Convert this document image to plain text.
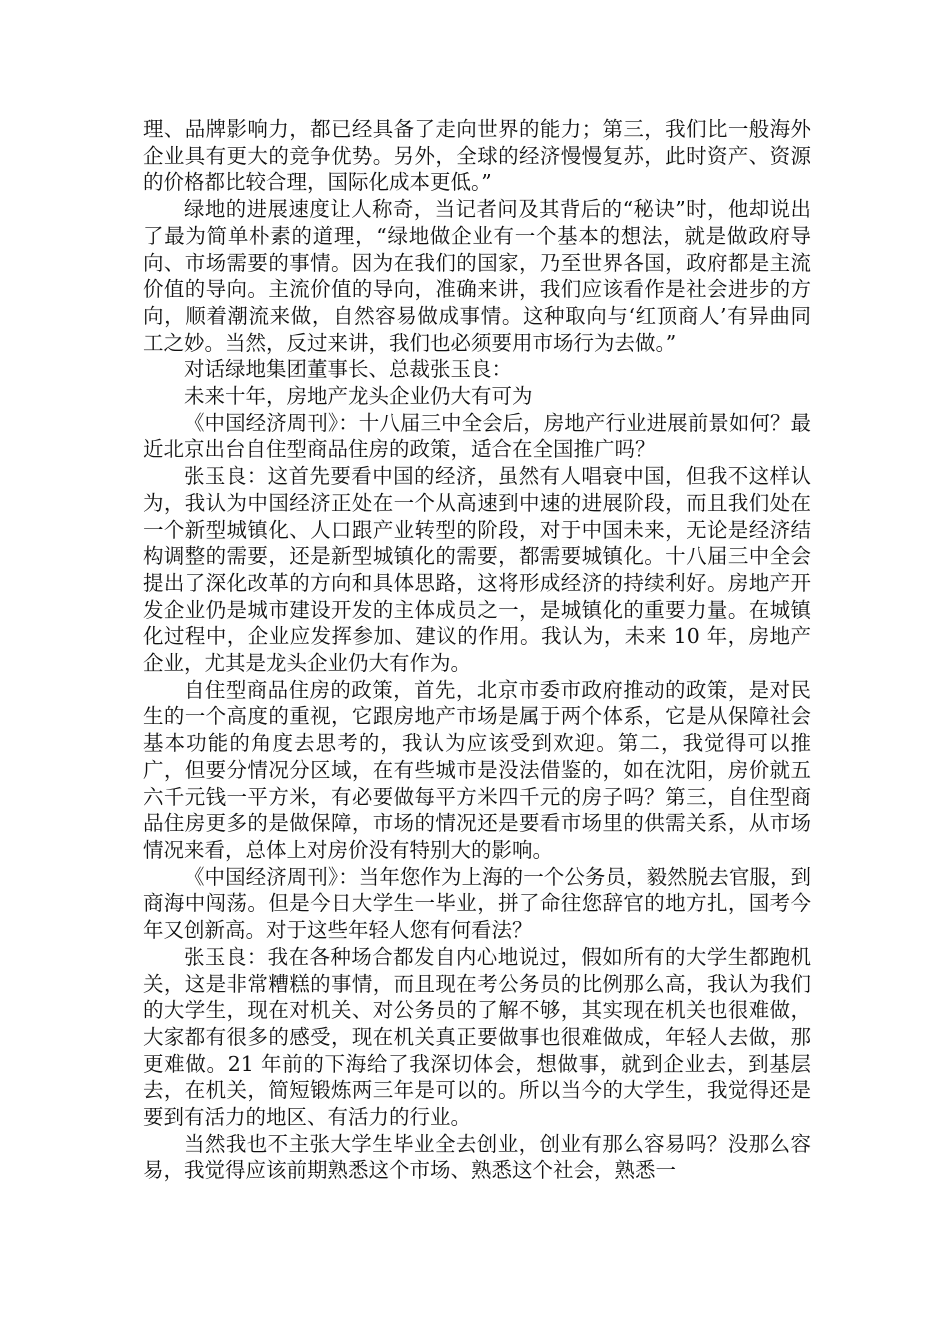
理、品牌影响力，都已经具备了走向世界的能力；第三，我们比一般海外企业具有更大的竞争优势。另外，全球的经济慢慢复苏，此时资产、资源的价格都比较合理，国际化成本更低。”

绿地的进展速度让人称奇，当记者问及其背后的“秘诀”时，他却说出了最为简单朴素的道理，“绿地做企业有一个基本的想法，就是做政府导向、市场需要的事情。因为在我们的国家，乃至世界各国，政府都是主流价值的导向。主流价值的导向，准确来讲，我们应该看作是社会进步的方向，顺着潮流来做，自然容易做成事情。这种取向与‘红顶商人’有异曲同工之妙。当然，反过来讲，我们也必须要用市场行为去做。”

对话绿地集团董事长、总裁张玉良：

未来十年，房地产龙头企业仍大有可为

《中国经济周刊》：十八届三中全会后，房地产行业进展前景如何？最近北京出台自住型商品住房的政策，适合在全国推广吗？

张玉良：这首先要看中国的经济，虽然有人唱衰中国，但我不这样认为，我认为中国经济正处在一个从高速到中速的进展阶段，而且我们处在一个新型城镇化、人口跟产业转型的阶段，对于中国未来，无论是经济结构调整的需要，还是新型城镇化的需要，都需要城镇化。十八届三中全会提出了深化改革的方向和具体思路，这将形成经济的持续利好。房地产开发企业仍是城市建设开发的主体成员之一，是城镇化的重要力量。在城镇化过程中，企业应发挥参加、建议的作用。我认为，未来 10 年，房地产企业，尤其是龙头企业仍大有作为。

自住型商品住房的政策，首先，北京市委市政府推动的政策，是对民生的一个高度的重视，它跟房地产市场是属于两个体系，它是从保障社会基本功能的角度去思考的，我认为应该受到欢迎。第二，我觉得可以推广，但要分情况分区域，在有些城市是没法借鉴的，如在沈阳，房价就五六千元钱一平方米，有必要做每平方米四千元的房子吗？第三，自住型商品住房更多的是做保障，市场的情况还是要看市场里的供需关系，从市场情况来看，总体上对房价没有特别大的影响。

《中国经济周刊》：当年您作为上海的一个公务员，毅然脱去官服，到商海中闯荡。但是今日大学生一毕业，拼了命往您辞官的地方扎，国考今年又创新高。对于这些年轻人您有何看法？

张玉良：我在各种场合都发自内心地说过，假如所有的大学生都跑机关，这是非常糟糕的事情，而且现在考公务员的比例那么高，我认为我们的大学生，现在对机关、对公务员的了解不够，其实现在机关也很难做，大家都有很多的感受，现在机关真正要做事也很难做成，年轻人去做，那更难做。21 年前的下海给了我深切体会，想做事，就到企业去，到基层去，在机关，简短锻炼两三年是可以的。所以当今的大学生，我觉得还是要到有活力的地区、有活力的行业。

当然我也不主张大学生毕业全去创业，创业有那么容易吗？没那么容易，我觉得应该前期熟悉这个市场、熟悉这个社会，熟悉一
